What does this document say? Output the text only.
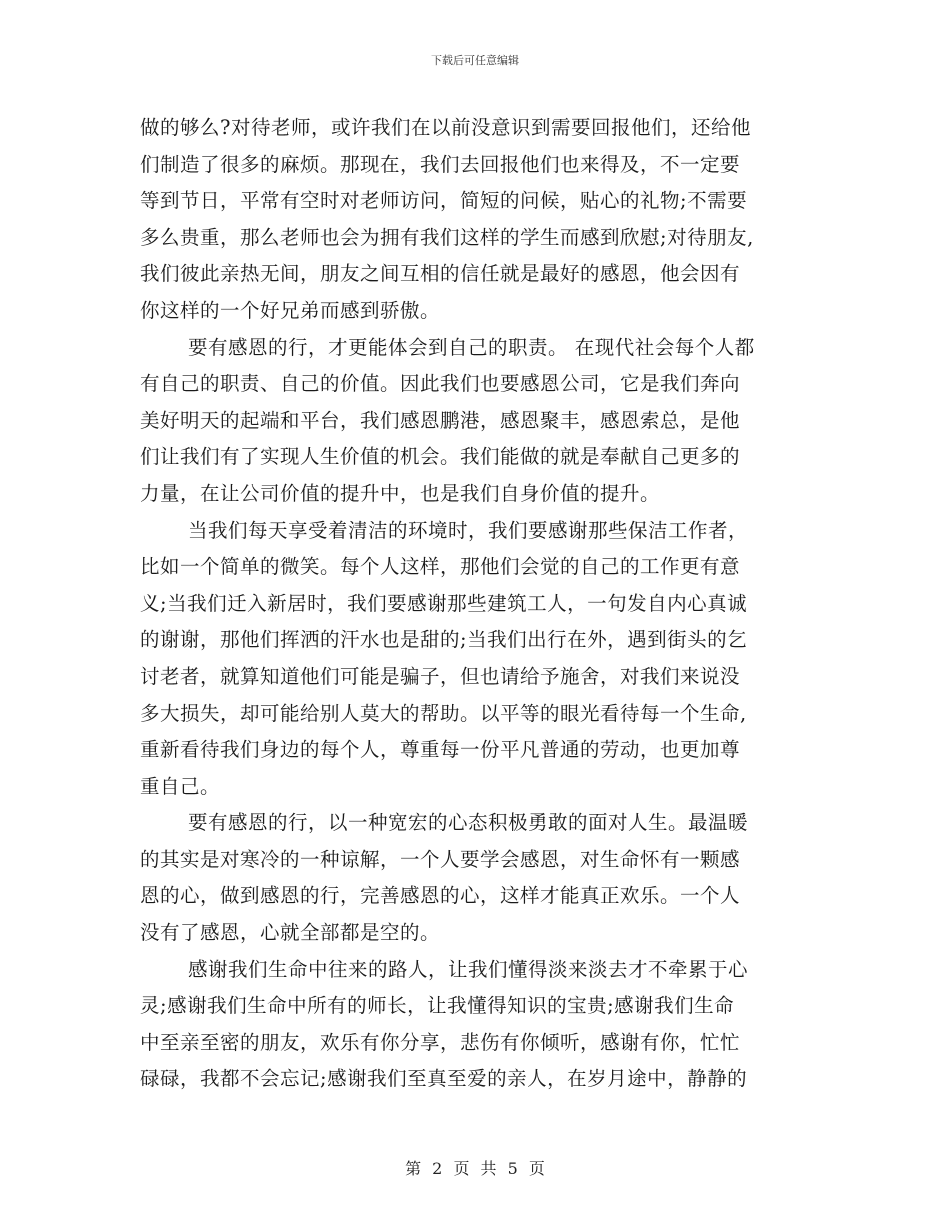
下载后可任意编辑
做的够么?对待老师，或许我们在以前没意识到需要回报他们，还给他
们制造了很多的麻烦。那现在，我们去回报他们也来得及，不一定要
等到节日，平常有空时对老师访问，简短的问候，贴心的礼物;不需要
多么贵重，那么老师也会为拥有我们这样的学生而感到欣慰;对待朋友,
我们彼此亲热无间，朋友之间互相的信任就是最好的感恩，他会因有
你这样的一个好兄弟而感到骄傲。
要有感恩的行，才更能体会到自己的职责。 在现代社会每个人都
有自己的职责、自己的价值。因此我们也要感恩公司，它是我们奔向
美好明天的起端和平台，我们感恩鹏港，感恩聚丰，感恩索总，是他
们让我们有了实现人生价值的机会。我们能做的就是奉献自己更多的
力量，在让公司价值的提升中，也是我们自身价值的提升。
当我们每天享受着清洁的环境时，我们要感谢那些保洁工作者，
比如一个简单的微笑。每个人这样，那他们会觉的自己的工作更有意
义;当我们迁入新居时，我们要感谢那些建筑工人，一句发自内心真诚
的谢谢，那他们挥洒的汗水也是甜的;当我们出行在外，遇到街头的乞
讨老者，就算知道他们可能是骗子，但也请给予施舍，对我们来说没
多大损失，却可能给别人莫大的帮助。以平等的眼光看待每一个生命,
重新看待我们身边的每个人，尊重每一份平凡普通的劳动，也更加尊
重自己。
要有感恩的行，以一种宽宏的心态积极勇敢的面对人生。最温暖
的其实是对寒冷的一种谅解，一个人要学会感恩，对生命怀有一颗感
恩的心，做到感恩的行，完善感恩的心，这样才能真正欢乐。一个人
没有了感恩，心就全部都是空的。
感谢我们生命中往来的路人，让我们懂得淡来淡去才不牵累于心
灵;感谢我们生命中所有的师长，让我懂得知识的宝贵;感谢我们生命
中至亲至密的朋友，欢乐有你分享，悲伤有你倾听，感谢有你，忙忙
碌碌，我都不会忘记;感谢我们至真至爱的亲人，在岁月途中，静静的
第 2 页 共 5 页
